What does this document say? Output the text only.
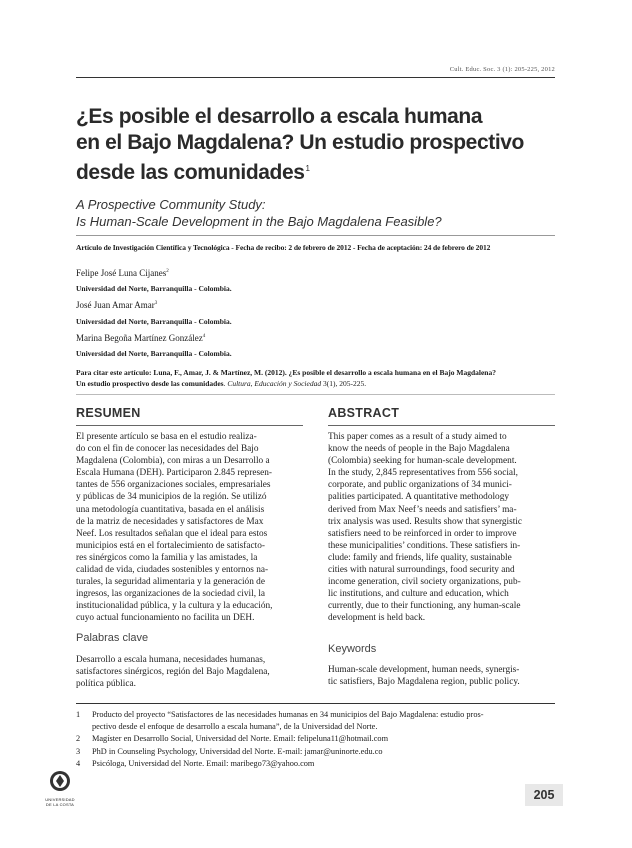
Cult. Educ. Soc. 3 (1): 205-225, 2012
¿Es posible el desarrollo a escala humana
en el Bajo Magdalena? Un estudio prospectivo
desde las comunidades$^1$
A Prospective Community Study:
Is Human-Scale Development in the Bajo Magdalena Feasible?
Artículo de Investigación Científica y Tecnológica - Fecha de recibo: 2 de febrero de 2012 - Fecha de aceptación: 24 de febrero de 2012
Felipe José Luna Cijanes$^2$
Universidad del Norte, Barranquilla - Colombia.
José Juan Amar Amar$^3$
Universidad del Norte, Barranquilla - Colombia.
Marina Begoña Martínez González$^4$
Universidad del Norte, Barranquilla - Colombia.
Para citar este artículo: Luna, F., Amar, J. & Martínez, M. (2012). ¿Es posible el desarrollo a escala humana en el Bajo Magdalena?
Un estudio prospectivo desde las comunidades. Cultura, Educación y Sociedad 3(1), 205-225.
RESUMEN
El presente artículo se basa en el estudio realiza-
do con el fin de conocer las necesidades del Bajo
Magdalena (Colombia), con miras a un Desarrollo a
Escala Humana (DEH). Participaron 2.845 represen-
tantes de 556 organizaciones sociales, empresariales
y públicas de 34 municipios de la región. Se utilizó
una metodología cuantitativa, basada en el análisis
de la matriz de necesidades y satisfactores de Max
Neef. Los resultados señalan que el ideal para estos
municipios está en el fortalecimiento de satisfacto-
res sinérgicos como la familia y las amistades, la
calidad de vida, ciudades sostenibles y entornos na-
turales, la seguridad alimentaria y la generación de
ingresos, las organizaciones de la sociedad civil, la
institucionalidad pública, y la cultura y la educación,
cuyo actual funcionamiento no facilita un DEH.
Palabras clave
Desarrollo a escala humana, necesidades humanas,
satisfactores sinérgicos, región del Bajo Magdalena,
política pública.
ABSTRACT
This paper comes as a result of a study aimed to
know the needs of people in the Bajo Magdalena
(Colombia) seeking for human-scale development.
In the study, 2,845 representatives from 556 social,
corporate, and public organizations of 34 munici-
palities participated. A quantitative methodology
derived from Max Neef’s needs and satisfiers’ ma-
trix analysis was used. Results show that synergistic
satisfiers need to be reinforced in order to improve
these municipalities’ conditions. These satisfiers in-
clude: family and friends, life quality, sustainable
cities with natural surroundings, food security and
income generation, civil society organizations, pub-
lic institutions, and culture and education, which
currently, due to their functioning, any human-scale
development is held back.
Keywords
Human-scale development, human needs, synergis-
tic satisfiers, Bajo Magdalena region, public policy.
1 Producto del proyecto “Satisfactores de las necesidades humanas en 34 municipios del Bajo Magdalena: estudio pros-
pectivo desde el enfoque de desarrollo a escala humana”, de la Universidad del Norte.
2 Magíster en Desarrollo Social, Universidad del Norte. Email: felipeluna11@hotmail.com
3 PhD in Counseling Psychology, Universidad del Norte. E-mail: jamar@uninorte.edu.co
4 Psicóloga, Universidad del Norte. Email: maribego73@yahoo.com
UNIVERSIDAD
DE LA COSTA
205
